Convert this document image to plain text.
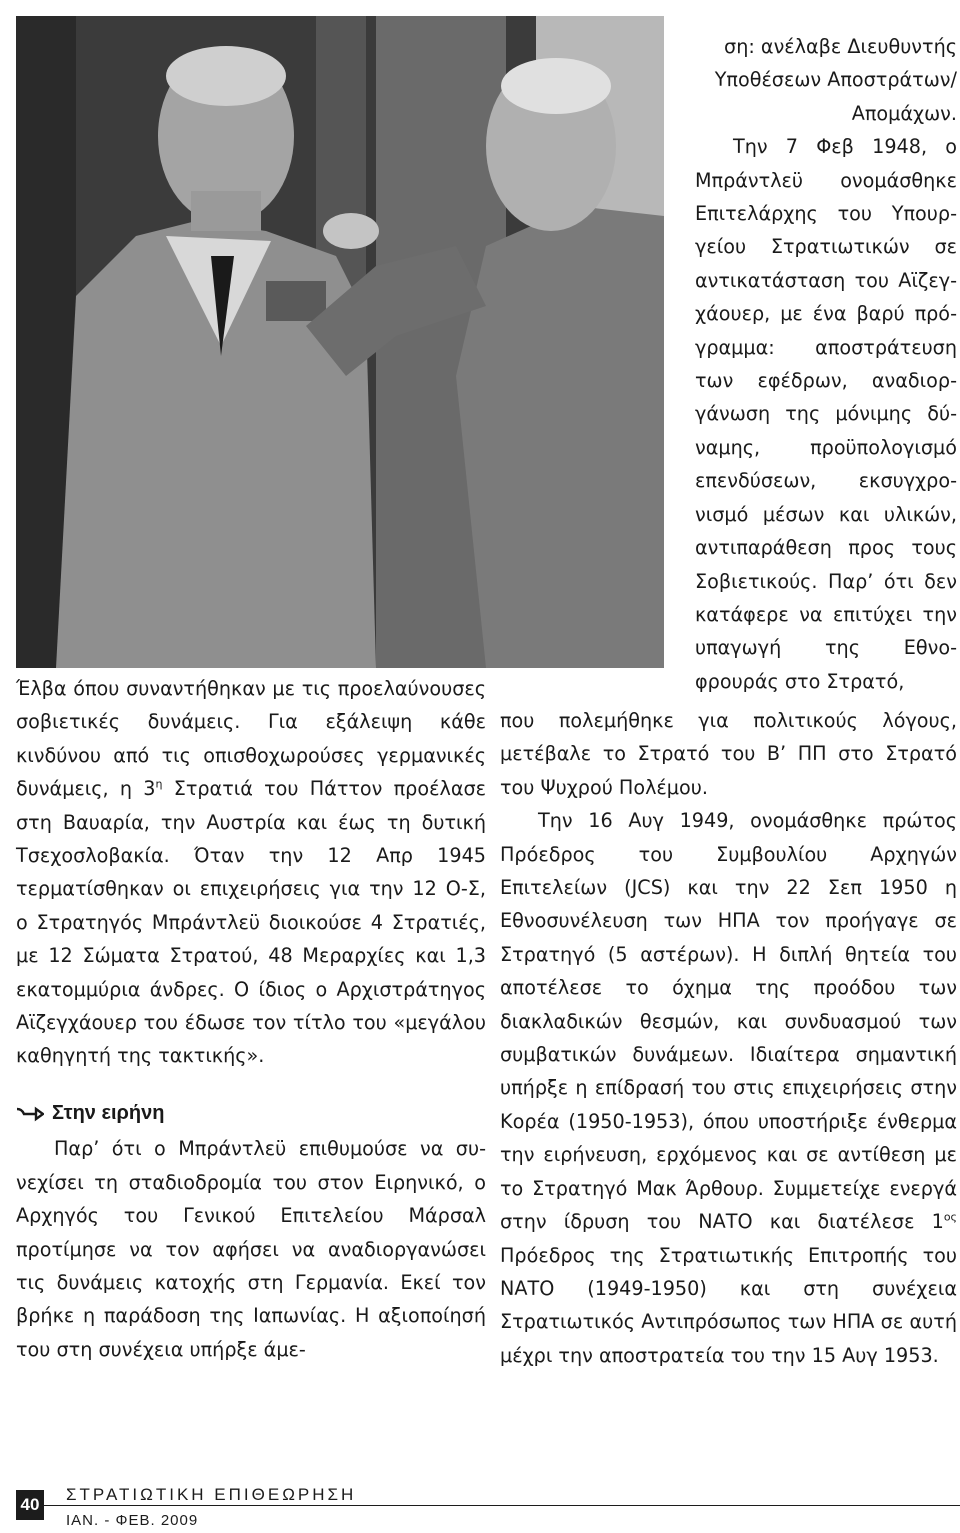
ση: ανέλαβε Διευθυντής Υποθέσεων Αποστράτων/Απομάχων.

Την 7 Φεβ 1948, ο Μπράντλεϋ ονομάσθηκε Επιτελάρχης του Υπουργείου Στρατιωτικών σε αντικατάσταση του Αϊζεγχάουερ, με ένα βαρύ πρόγραμμα: αποστράτευση των εφέδρων, αναδιοργάνωση της μόνιμης δύναμης, προϋπολογισμό επενδύσεων, εκσυγχρονισμό μέσων και υλικών, αντιπαράθεση προς τους Σοβιετικούς. Παρ’ ότι δεν κατάφερε να επιτύχει την υπαγωγή της Εθνοφρουράς στο Στρατό,

Έλβα όπου συναντήθηκαν με τις προελαύνουσες σοβιετικές δυνάμεις. Για εξάλειψη κάθε κινδύνου από τις οπισθοχωρούσες γερμανικές δυνάμεις, η $3^\eta$ Στρατιά του Πάττον προέλασε στη Βαυαρία, την Αυστρία και έως τη δυτική Τσεχοσλοβακία. Όταν την 12 Απρ 1945 τερματίσθηκαν οι επιχειρήσεις για την 12 Ο-Σ, ο Στρατηγός Μπράντλεϋ διοικούσε 4 Στρατιές, με 12 Σώματα Στρατού, 48 Μεραρχίες και 1,3 εκατομμύρια άνδρες. Ο ίδιος ο Αρχιστράτηγος Αϊζεγχάουερ του έδωσε τον τίτλο του «μεγάλου καθηγητή της τακτικής».

Στην ειρήνη

Παρ’ ότι ο Μπράντλεϋ επιθυμούσε να συνεχίσει τη σταδιοδρομία του στον Ειρηνικό, ο Αρχηγός του Γενικού Επιτελείου Μάρσαλ προτίμησε να τον αφήσει να αναδιοργανώσει τις δυνάμεις κατοχής στη Γερμανία. Εκεί τον βρήκε η παράδοση της Ιαπωνίας. Η αξιοποίησή του στη συνέχεια υπήρξε άμε-

που πολεμήθηκε για πολιτικούς λόγους, μετέβαλε το Στρατό του Β’ ΠΠ στο Στρατό του Ψυχρού Πολέμου.

Την 16 Αυγ 1949, ονομάσθηκε πρώτος Πρόεδρος του Συμβουλίου Αρχηγών Επιτελείων (JCS) και την 22 Σεπ 1950 η Εθνοσυνέλευση των ΗΠΑ τον προήγαγε σε Στρατηγό (5 αστέρων). Η διπλή θητεία του αποτέλεσε το όχημα της προόδου των διακλαδικών θεσμών, και συνδυασμού των συμβατικών δυνάμεων. Ιδιαίτερα σημαντική υπήρξε η επίδρασή του στις επιχειρήσεις στην Κορέα (1950-1953), όπου υποστήριξε ένθερμα την ειρήνευση, ερχόμενος και σε αντίθεση με το Στρατηγό Μακ Άρθουρ. Συμμετείχε ενεργά στην ίδρυση του ΝΑΤΟ και διατέλεσε $1^{o\varsigma}$ Πρόεδρος της Στρατιωτικής Επιτροπής του ΝΑΤΟ (1949-1950) και στη συνέχεια Στρατιωτικός Αντιπρόσωπος των ΗΠΑ σε αυτή μέχρι την αποστρατεία του την 15 Αυγ 1953.

40
ΣΤΡΑΤΙΩΤΙΚΗ ΕΠΙΘΕΩΡΗΣΗ
ΙΑΝ. - ΦΕΒ. 2009
